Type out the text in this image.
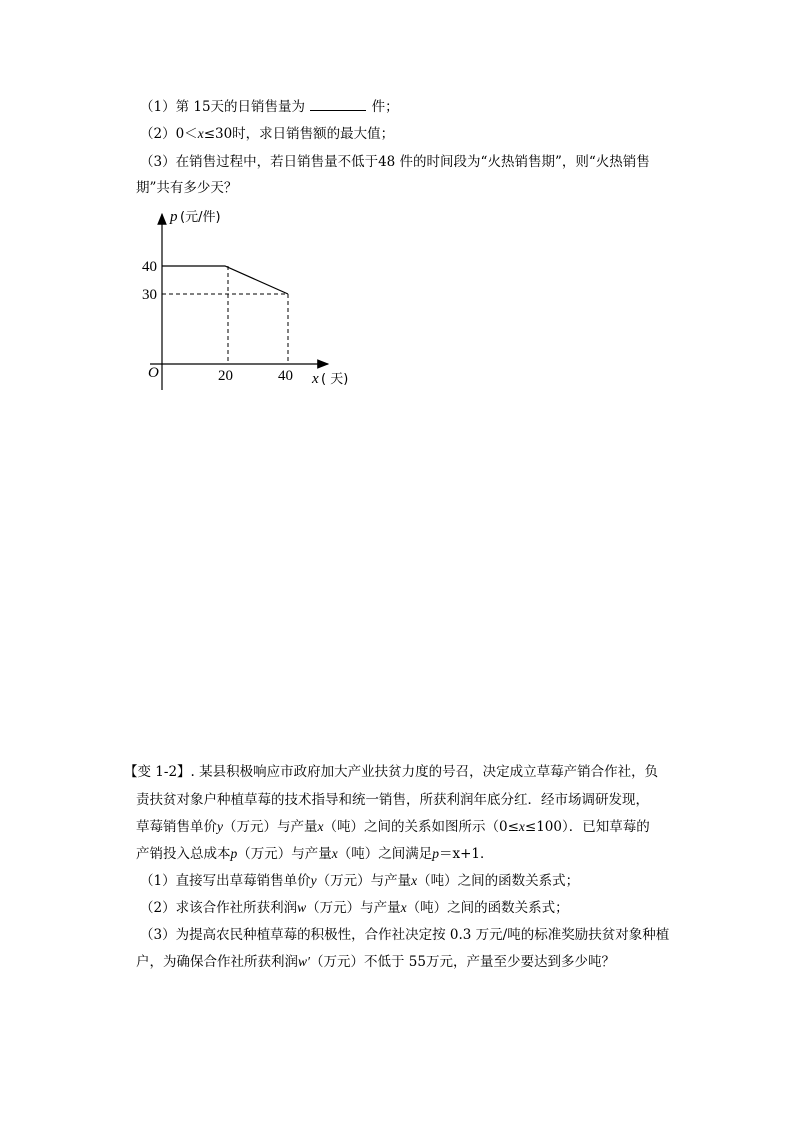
（1）第 15天的日销售量为	件；
（2）0＜x≤30时，求日销售额的最大值；
（3）在销售过程中，若日销售量不低于48 件的时间段为“火热销售期”，则“火热销售
期”共有多少天？
p (元/件)
40
30
O	20	40 x ( 天)
【变 1-2】. 某县积极响应市政府加大产业扶贫力度的号召，决定成立草莓产销合作社，负
责扶贫对象户种植草莓的技术指导和统一销售，所获利润年底分红．经市场调研发现，
草莓销售单价y（万元）与产量x（吨）之间的关系如图所示（0≤x≤100）．已知草莓的
产销投入总成本p（万元）与产量x（吨）之间满足p＝x+1．
（1）直接写出草莓销售单价y（万元）与产量x（吨）之间的函数关系式；
（2）求该合作社所获利润w（万元）与产量x（吨）之间的函数关系式；
（3）为提高农民种植草莓的积极性，合作社决定按 0.3 万元/吨的标准奖励扶贫对象种植
户，为确保合作社所获利润w′（万元）不低于 55万元，产量至少要达到多少吨？
